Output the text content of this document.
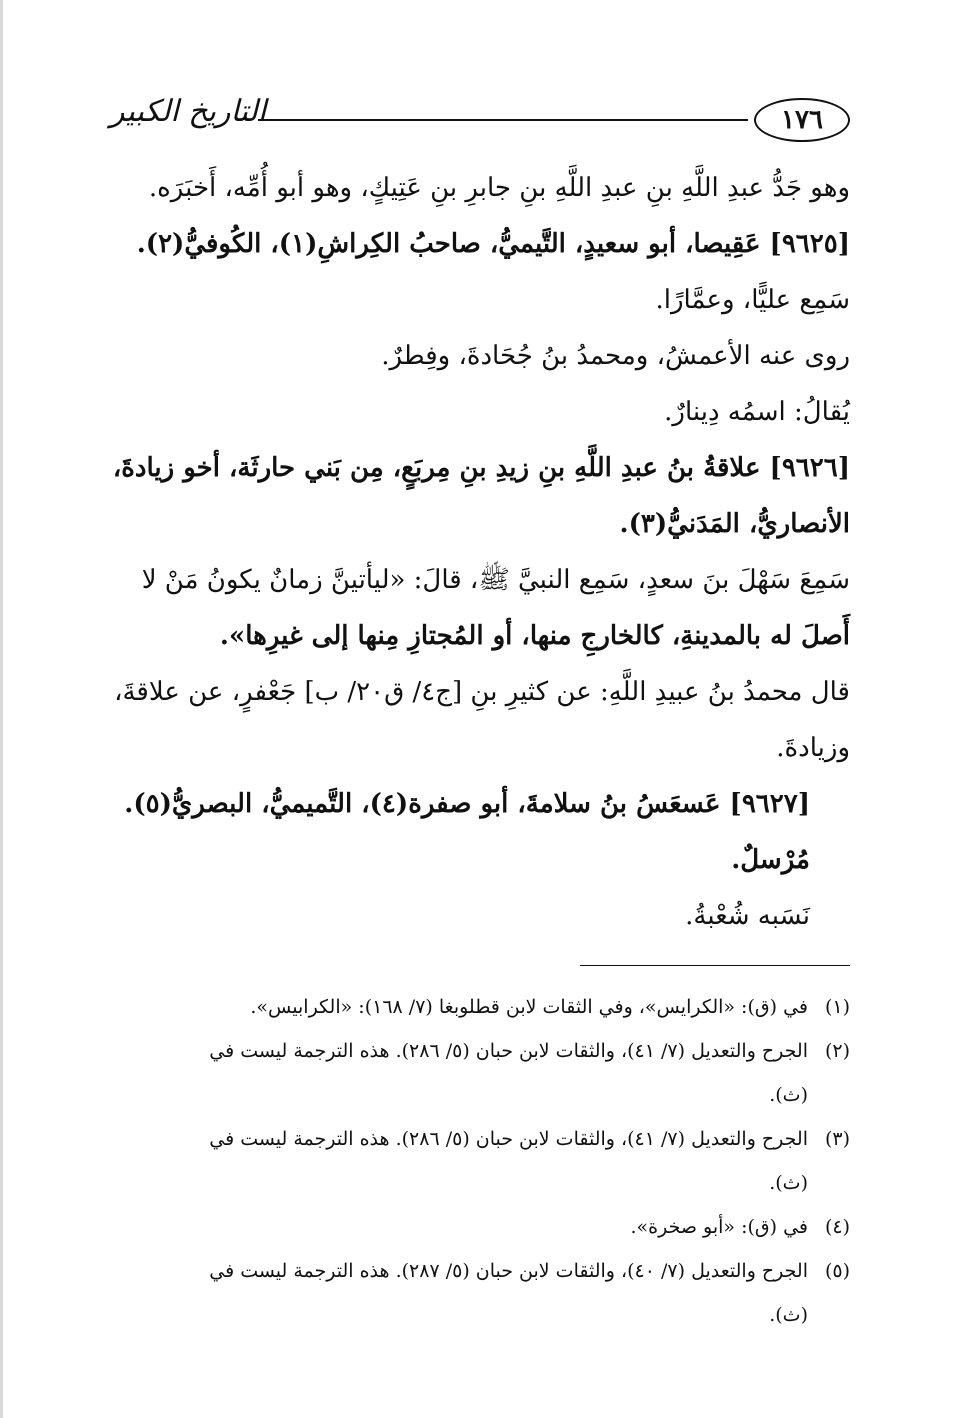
١٧٦
التاريخ الكبير
وهو جَدُّ عبدِ اللَّهِ بنِ عبدِ اللَّهِ بنِ جابرِ بنِ عَتِيكٍ، وهو أبو أُمِّه، أَخبَرَه.
[٩٦٢٥] عَقِيصا، أبو سعيدٍ، التَّيميُّ، صاحبُ الكِراشِ(١)، الكُوفيُّ(٢).
سَمِع عليًّا، وعمَّارًا.
روى عنه الأعمشُ، ومحمدُ بنُ جُحَادةَ، وفِطرٌ.
يُقالُ: اسمُه دِينارٌ.
[٩٦٢٦] علاقةُ بنُ عبدِ اللَّهِ بنِ زيدِ بنِ مِربَعٍ، مِن بَني حارثَة، أخو زيادةَ،
الأنصاريُّ، المَدَنيُّ(٣).
سَمِعَ سَهْلَ بنَ سعدٍ، سَمِع النبيَّ ﷺ، قالَ: «ليأتينَّ زمانٌ يكونُ مَنْ لا
أَصلَ له بالمدينةِ، كالخارجِ منها، أو المُجتازِ مِنها إلى غيرِها».
قال محمدُ بنُ عبيدِ اللَّهِ: عن كثيرِ بنِ [ج٤/ ق٢٠/ ب] جَعْفرٍ، عن علاقةَ،
وزيادةَ.
[٩٦٢٧] عَسعَسُ بنُ سلامةَ، أبو صفرة(٤)، التَّميميُّ، البصريُّ(٥).
مُرْسلٌ.
نَسَبه شُعْبةُ.
(١)
في (ق): «الكرايس»، وفي الثقات لابن قطلوبغا (٧/ ١٦٨): «الكرابيس».
(٢)
الجرح والتعديل (٧/ ٤١)، والثقات لابن حبان (٥/ ٢٨٦). هذه الترجمة ليست في
(ث).
(٣)
الجرح والتعديل (٧/ ٤١)، والثقات لابن حبان (٥/ ٢٨٦). هذه الترجمة ليست في
(ث).
(٤)
في (ق): «أبو صخرة».
(٥)
الجرح والتعديل (٧/ ٤٠)، والثقات لابن حبان (٥/ ٢٨٧). هذه الترجمة ليست في
(ث).
